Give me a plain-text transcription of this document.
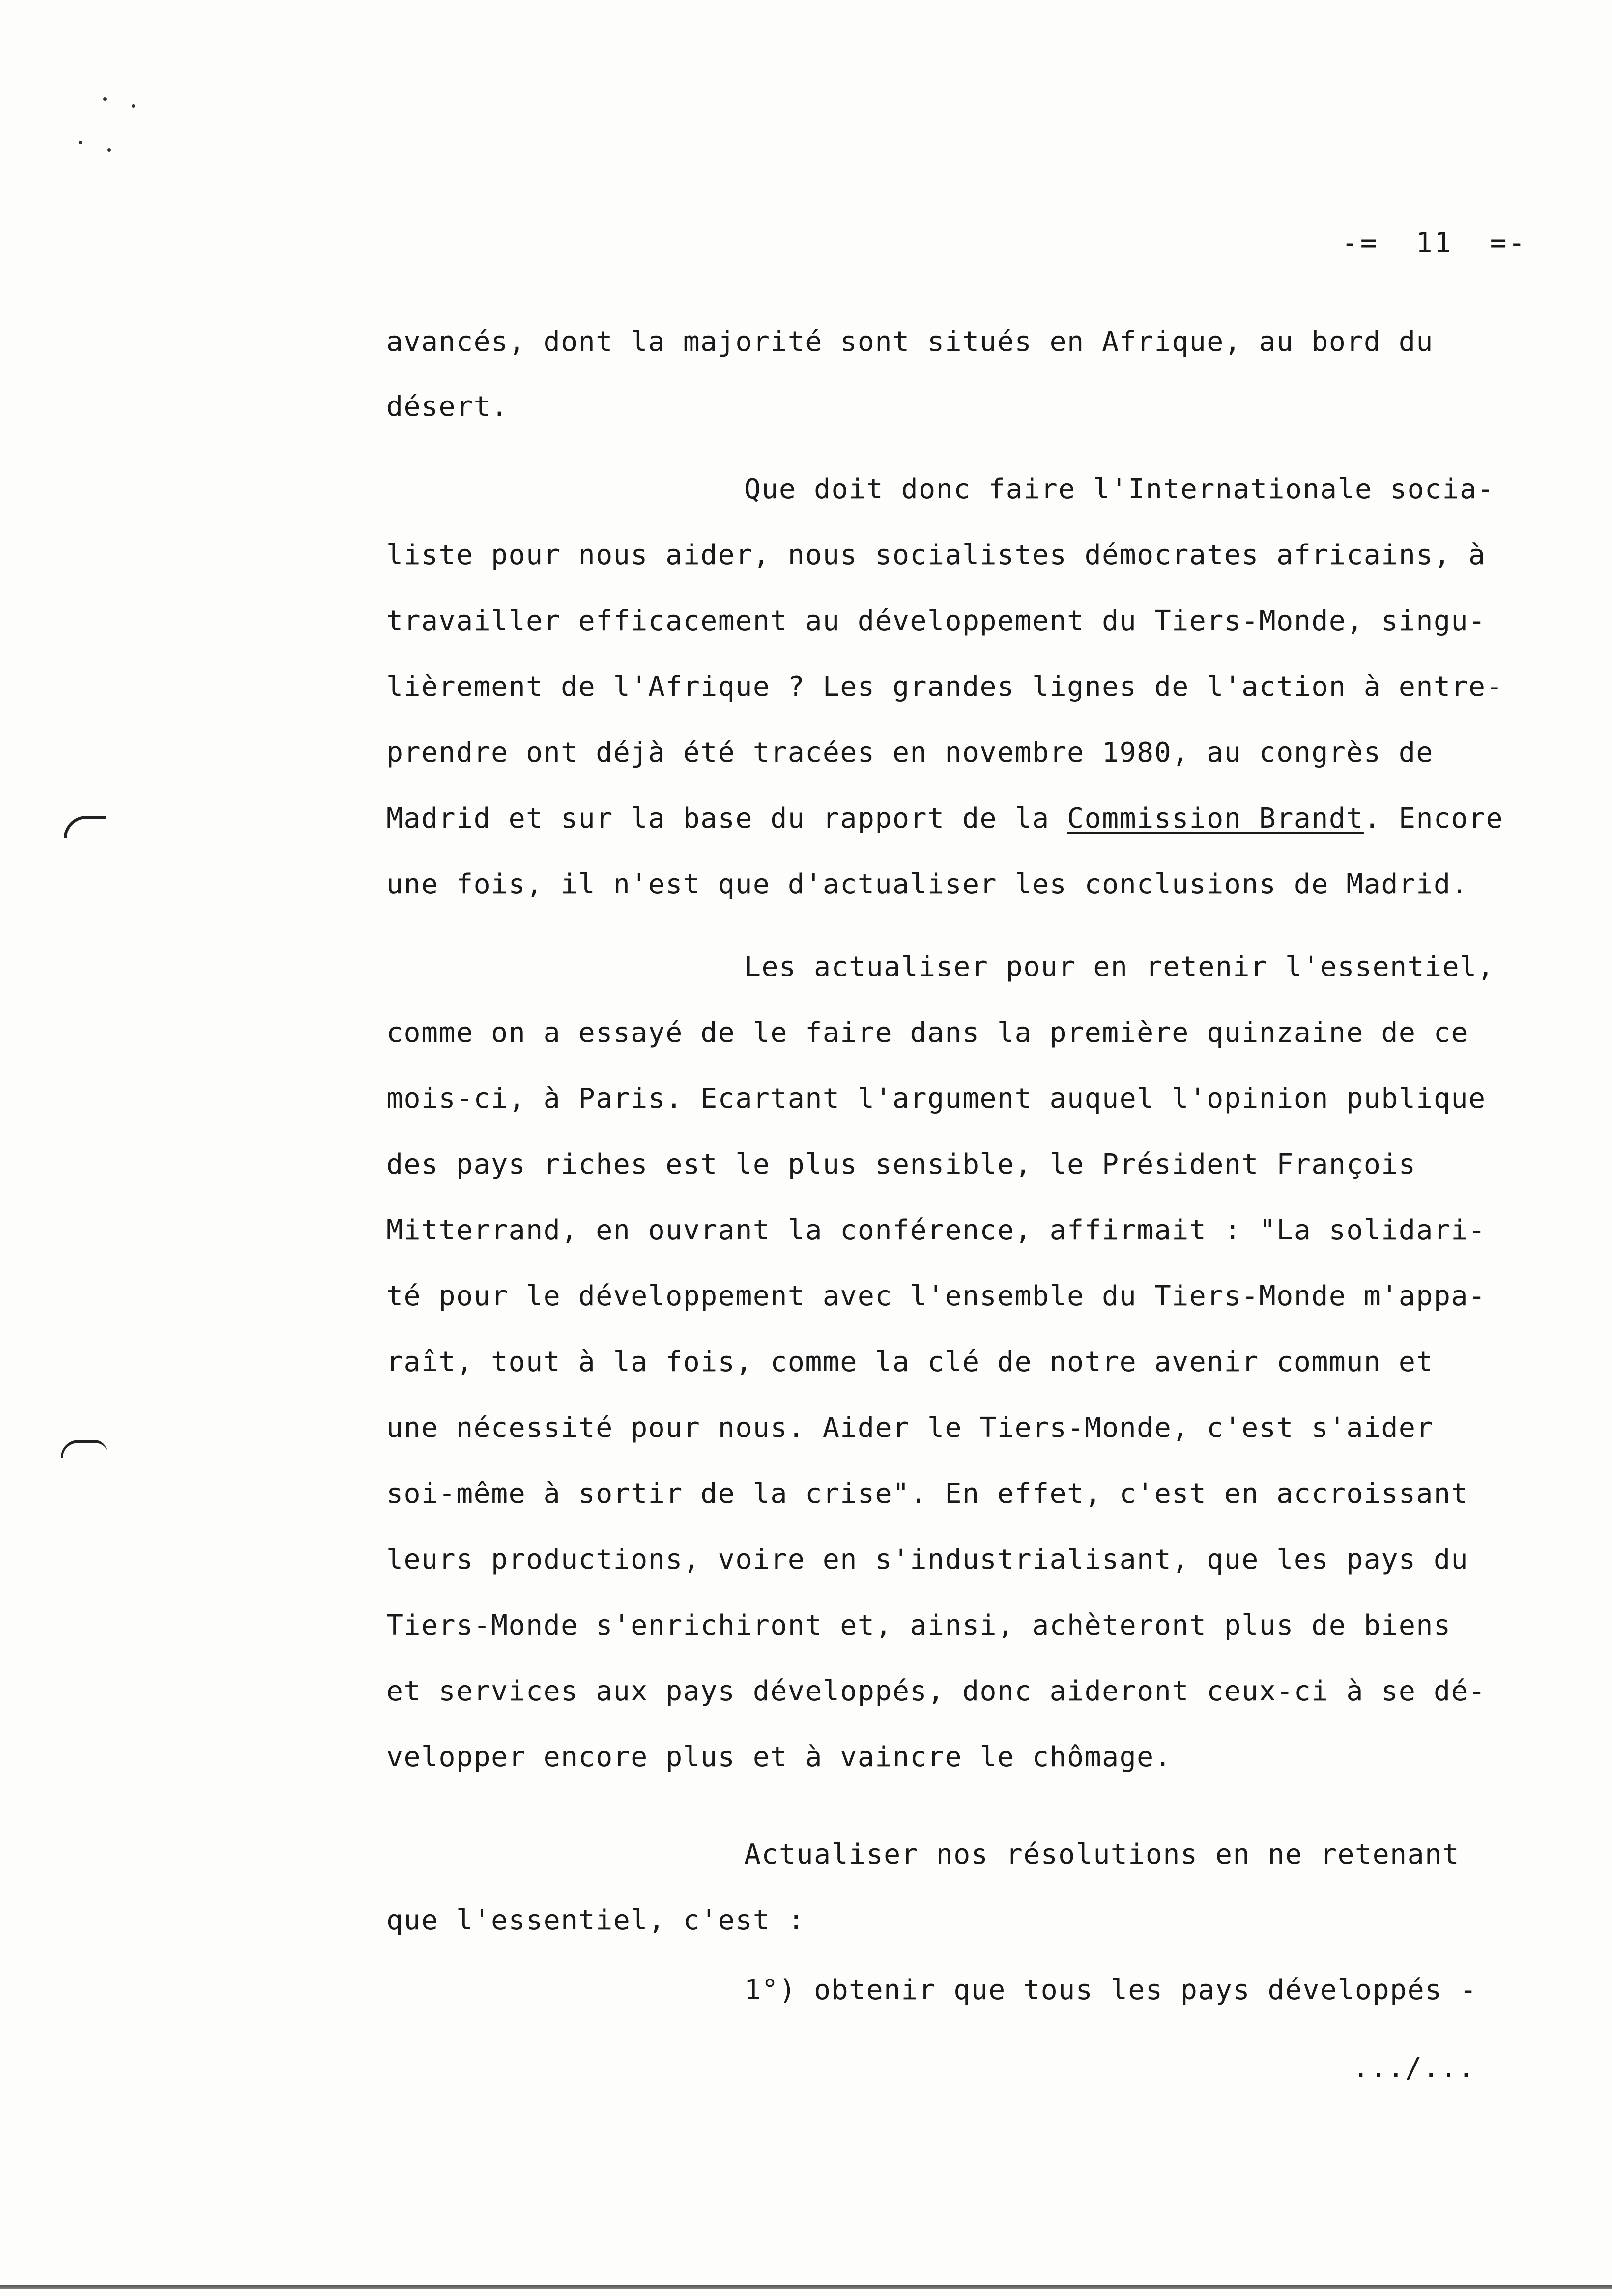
-=  11  =-
avancés, dont la majorité sont situés en Afrique, au bord du
désert.
Que doit donc faire l'Internationale socia-
liste pour nous aider, nous socialistes démocrates africains, à
travailler efficacement au développement du Tiers-Monde, singu-
lièrement de l'Afrique ? Les grandes lignes de l'action à entre-
prendre ont déjà été tracées en novembre 1980, au congrès de
Madrid et sur la base du rapport de la Commission Brandt. Encore
une fois, il n'est que d'actualiser les conclusions de Madrid.
Les actualiser pour en retenir l'essentiel,
comme on a essayé de le faire dans la première quinzaine de ce
mois-ci, à Paris. Ecartant l'argument auquel l'opinion publique
des pays riches est le plus sensible, le Président François
Mitterrand, en ouvrant la conférence, affirmait : "La solidari-
té pour le développement avec l'ensemble du Tiers-Monde m'appa-
raît, tout à la fois, comme la clé de notre avenir commun et
une nécessité pour nous. Aider le Tiers-Monde, c'est s'aider
soi-même à sortir de la crise". En effet, c'est en accroissant
leurs productions, voire en s'industrialisant, que les pays du
Tiers-Monde s'enrichiront et, ainsi, achèteront plus de biens
et services aux pays développés, donc aideront ceux-ci à se dé-
velopper encore plus et à vaincre le chômage.
Actualiser nos résolutions en ne retenant
que l'essentiel, c'est :
1°) obtenir que tous les pays développés -
.../...
